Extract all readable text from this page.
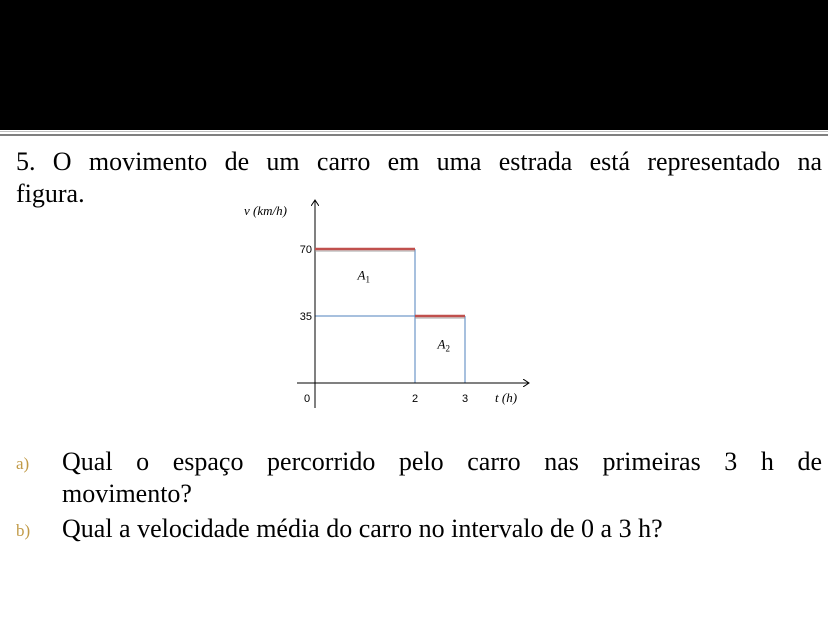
5. O movimento de um carro em uma estrada está representado na
figura.
35
70
0	2	3
v (km/h)
t (h)
$A_1$
$A_2$
a) Qual o espaço percorrido pelo carro nas primeiras 3 h de
movimento?
b) Qual a velocidade média do carro no intervalo de 0 a 3 h?
